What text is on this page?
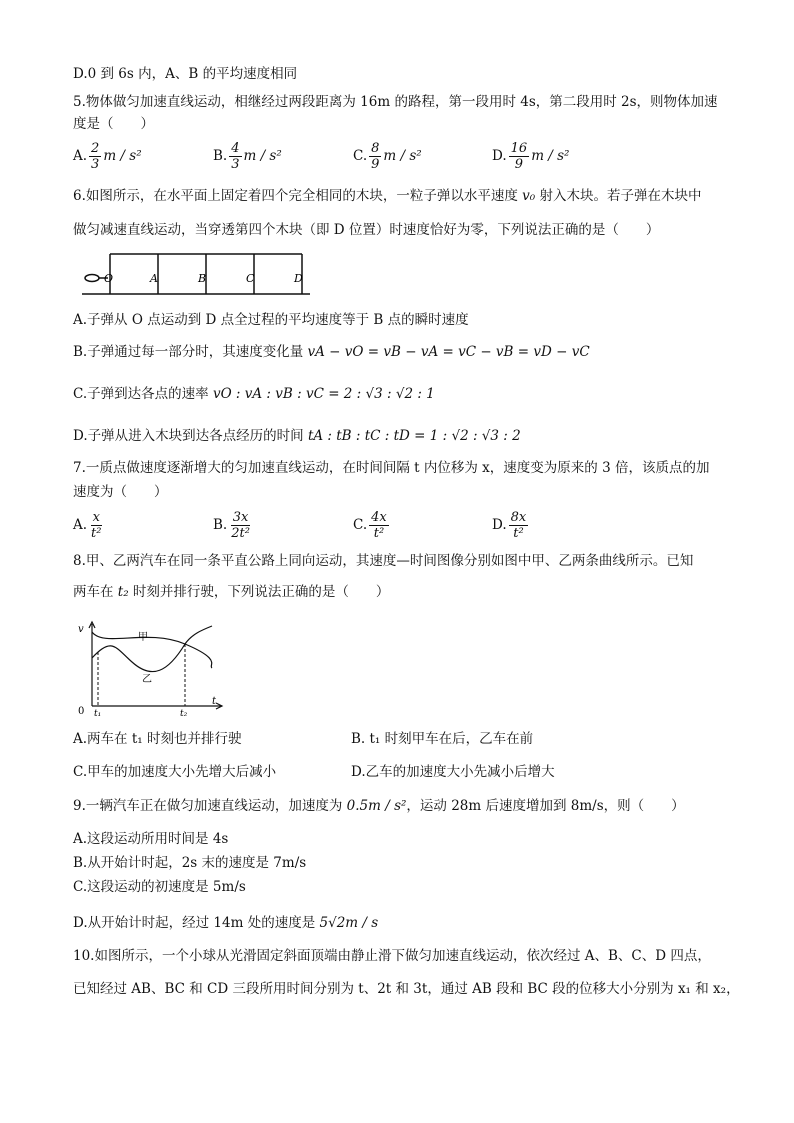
D.0 到 6s 内，A、B 的平均速度相同
5.物体做匀加速直线运动，相继经过两段距离为 16m 的路程，第一段用时 4s，第二段用时 2s，则物体加速
度是（　　）
A. $\frac{2}{3}$ m / s²	B. $\frac{4}{3}$ m / s²	C. $\frac{8}{9}$ m / s²	D. $\frac{16}{9}$ m / s²
6.如图所示，在水平面上固定着四个完全相同的木块，一粒子弹以水平速度 v₀ 射入木块。若子弹在木块中
做匀减速直线运动，当穿透第四个木块（即 D 位置）时速度恰好为零，下列说法正确的是（　　）
O	A	B	C	D
A.子弹从 O 点运动到 D 点全过程的平均速度等于 B 点的瞬时速度
B.子弹通过每一部分时，其速度变化量 vA − vO = vB − vA = vC − vB = vD − vC
C.子弹到达各点的速率 vO : vA : vB : vC = 2 : √3 : √2 : 1
D.子弹从进入木块到达各点经历的时间 tA : tB : tC : tD = 1 : √2 : √3 : 2
7.一质点做速度逐渐增大的匀加速直线运动，在时间间隔 t 内位移为 x，速度变为原来的 3 倍，该质点的加
速度为（　　）
A. $\frac{x}{\text{t²}}$	B. $\frac{3x}{\text{2t²}}$	C. $\frac{4x}{\text{t²}}$	D. $\frac{8x}{\text{t²}}$
8.甲、乙两汽车在同一条平直公路上同向运动，其速度—时间图像分别如图中甲、乙两条曲线所示。已知
两车在 t₂ 时刻并排行驶，下列说法正确的是（　　）
v
t
0 t₁	t₂
甲
乙
A.两车在 t₁ 时刻也并排行驶	B. t₁ 时刻甲车在后，乙车在前
C.甲车的加速度大小先增大后减小	D.乙车的加速度大小先减小后增大
9.一辆汽车正在做匀加速直线运动，加速度为 0.5m / s²，运动 28m 后速度增加到 8m/s，则（　　）
A.这段运动所用时间是 4s
B.从开始计时起，2s 末的速度是 7m/s
C.这段运动的初速度是 5m/s
D.从开始计时起，经过 14m 处的速度是 5√2m / s
10.如图所示，一个小球从光滑固定斜面顶端由静止滑下做匀加速直线运动，依次经过 A、B、C、D 四点，
已知经过 AB、BC 和 CD 三段所用时间分别为 t、2t 和 3t，通过 AB 段和 BC 段的位移大小分别为 x₁ 和 x₂，
